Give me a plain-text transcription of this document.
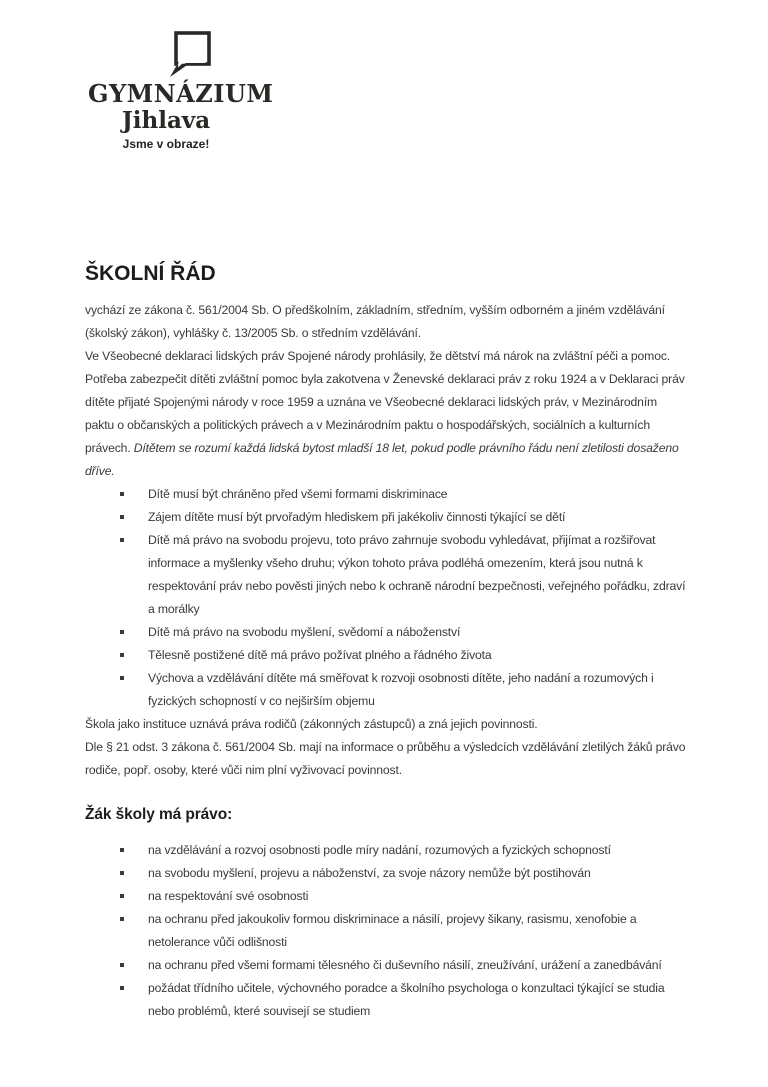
GYMNÁZIUM
Jihlava
Jsme v obraze!
ŠKOLNÍ ŘÁD

vychází ze zákona č. 561/2004 Sb. O předškolním, základním, středním, vyšším odborném a jiném vzdělávání (školský zákon), vyhlášky č. 13/2005 Sb. o středním vzdělávání.

Ve Všeobecné deklaraci lidských práv Spojené národy prohlásily, že dětství má nárok na zvláštní péči a pomoc. Potřeba zabezpečit dítěti zvláštní pomoc byla zakotvena v Ženevské deklaraci práv z roku 1924 a v Deklaraci práv dítěte přijaté Spojenými národy v roce 1959 a uznána ve Všeobecné deklaraci lidských práv, v Mezinárodním paktu o občanských a politických právech a v Mezinárodním paktu o hospodářských, sociálních a kulturních právech. Dítětem se rozumí každá lidská bytost mladší 18 let, pokud podle právního řádu není zletilosti dosaženo dříve.

Dítě musí být chráněno před všemi formami diskriminace
Zájem dítěte musí být prvořadým hlediskem při jakékoliv činnosti týkající se dětí
Dítě má právo na svobodu projevu, toto právo zahrnuje svobodu vyhledávat, přijímat a rozšiřovat informace a myšlenky všeho druhu; výkon tohoto práva podléhá omezením, která jsou nutná k respektování práv nebo pověsti jiných nebo k ochraně národní bezpečnosti, veřejného pořádku, zdraví a morálky
Dítě má právo na svobodu myšlení, svědomí a náboženství
Tělesně postižené dítě má právo požívat plného a řádného života
Výchova a vzdělávání dítěte má směřovat k rozvoji osobnosti dítěte, jeho nadání a rozumových i fyzických schopností v co nejširším objemu

Škola jako instituce uznává práva rodičů (zákonných zástupců) a zná jejich povinnosti.

Dle § 21 odst. 3 zákona č. 561/2004 Sb. mají na informace o průběhu a výsledcích vzdělávání zletilých žáků právo rodiče, popř. osoby, které vůči nim plní vyživovací povinnost.

Žák školy má právo:
na vzdělávání a rozvoj osobnosti podle míry nadání, rozumových a fyzických schopností
na svobodu myšlení, projevu a náboženství, za svoje názory nemůže být postihován
na respektování své osobnosti
na ochranu před jakoukoliv formou diskriminace a násilí, projevy šikany, rasismu, xenofobie a netolerance vůči odlišnosti
na ochranu před všemi formami tělesného či duševního násilí, zneužívání, urážení a zanedbávání
požádat třídního učitele, výchovného poradce a školního psychologa o konzultaci týkající se studia nebo problémů, které souvisejí se studiem
